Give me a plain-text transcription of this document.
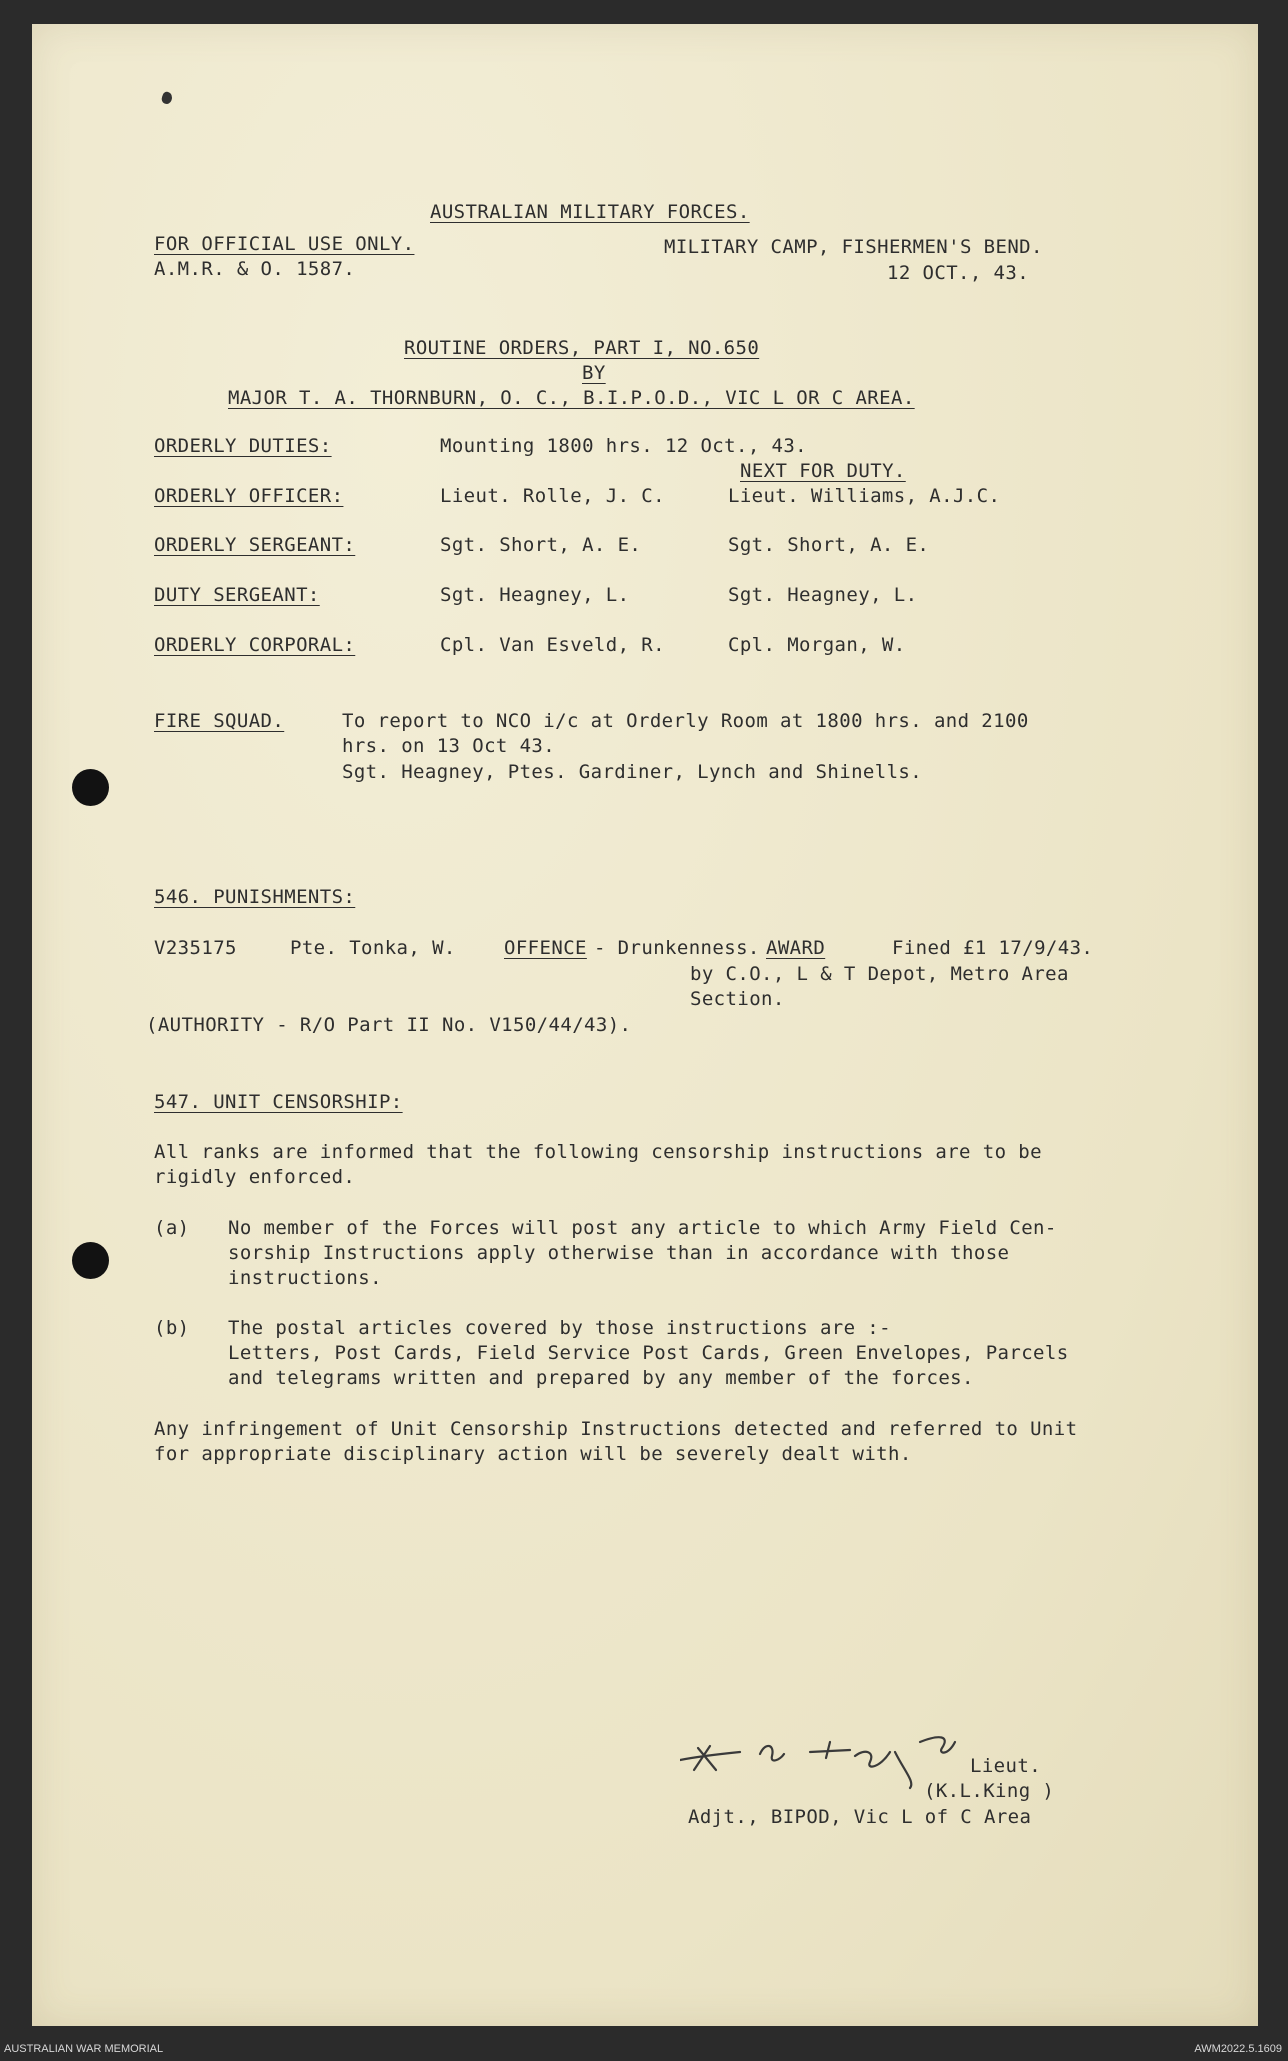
AUSTRALIAN MILITARY FORCES.
FOR OFFICIAL USE ONLY.
A.M.R. & O. 1587.
MILITARY CAMP, FISHERMEN'S BEND.
12 OCT., 43.
ROUTINE ORDERS, PART I, NO.650
BY
MAJOR T. A. THORNBURN, O. C., B.I.P.O.D., VIC L OR C AREA.
ORDERLY DUTIES:	Mounting 1800 hrs. 12 Oct., 43.
NEXT FOR DUTY.
ORDERLY OFFICER:	Lieut. Rolle, J. C.	Lieut. Williams, A.J.C.
ORDERLY SERGEANT:	Sgt. Short, A. E.	Sgt. Short, A. E.
DUTY SERGEANT:	Sgt. Heagney, L.	Sgt. Heagney, L.
ORDERLY CORPORAL:	Cpl. Van Esveld, R.	Cpl. Morgan, W.
FIRE SQUAD.	To report to NCO i/c at Orderly Room at 1800 hrs. and 2100
hrs. on 13 Oct 43.
Sgt. Heagney, Ptes. Gardiner, Lynch and Shinells.
546. PUNISHMENTS:
V235175	Pte. Tonka, W.	OFFENCE - Drunkenness. AWARD	Fined £1 17/9/43.
by C.O., L & T Depot, Metro Area
Section.
(AUTHORITY - R/O Part II No. V150/44/43).
547. UNIT CENSORSHIP:
All ranks are informed that the following censorship instructions are to be
rigidly enforced.
(a) No member of the Forces will post any article to which Army Field Cen-
sorship Instructions apply otherwise than in accordance with those
instructions.
(b) The postal articles covered by those instructions are :-
Letters, Post Cards, Field Service Post Cards, Green Envelopes, Parcels
and telegrams written and prepared by any member of the forces.
Any infringement of Unit Censorship Instructions detected and referred to Unit
for appropriate disciplinary action will be severely dealt with.
Lieut.
(K.L.King )
Adjt., BIPOD, Vic L of C Area
AUSTRALIAN WAR MEMORIAL	AWM2022.5.1609
